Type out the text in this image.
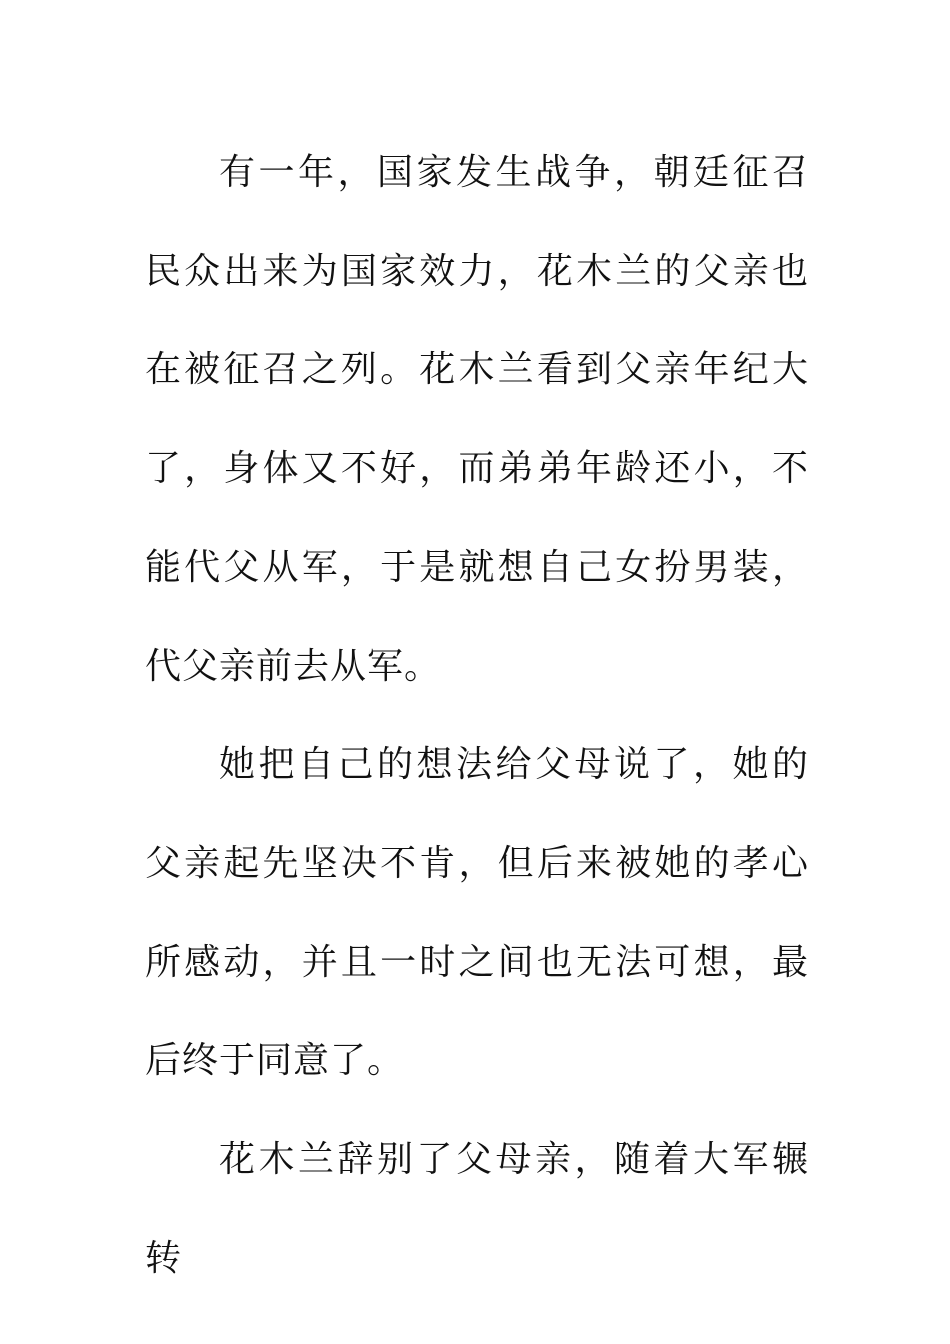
有一年，国家发生战争，朝廷征召民众出来为国家效力，花木兰的父亲也在被征召之列。花木兰看到父亲年纪大了，身体又不好，而弟弟年龄还小，不能代父从军，于是就想自己女扮男装，代父亲前去从军。

她把自己的想法给父母说了，她的父亲起先坚决不肯，但后来被她的孝心所感动，并且一时之间也无法可想，最后终于同意了。

花木兰辞别了父母亲，随着大军辗转
